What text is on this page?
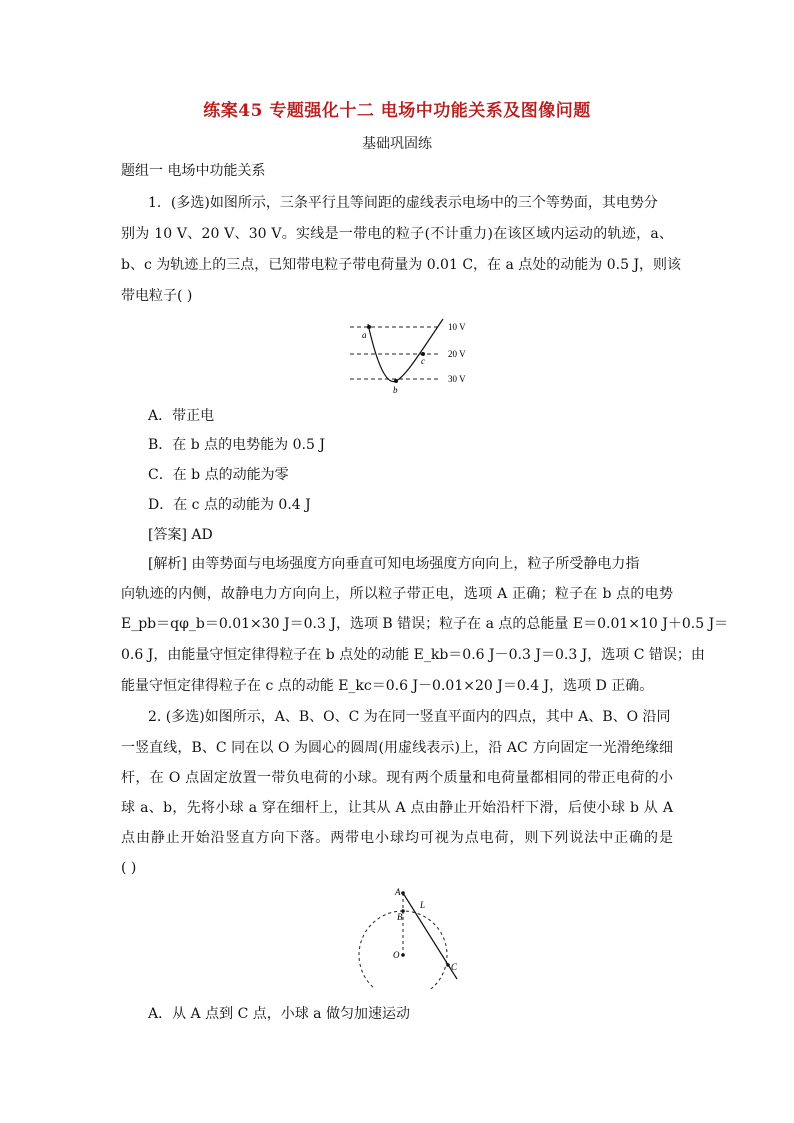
练案45 专题强化十二 电场中功能关系及图像问题
基础巩固练
题组一 电场中功能关系
1．(多选)如图所示，三条平行且等间距的虚线表示电场中的三个等势面，其电势分
别为 10 V、20 V、30 V。实线是一带电的粒子(不计重力)在该区域内运动的轨迹，a、
b、c 为轨迹上的三点，已知带电粒子带电荷量为 0.01 C，在 a 点处的动能为 0.5 J，则该
带电粒子( )
a
b
c
10 V
20 V
30 V
A．带正电
B．在 b 点的电势能为 0.5 J
C．在 b 点的动能为零
D．在 c 点的动能为 0.4 J
[答案] AD
[解析] 由等势面与电场强度方向垂直可知电场强度方向向上，粒子所受静电力指
向轨迹的内侧，故静电力方向向上，所以粒子带正电，选项 A 正确；粒子在 b 点的电势
E_pb＝qφ_b＝0.01×30 J＝0.3 J，选项 B 错误；粒子在 a 点的总能量 E＝0.01×10 J＋0.5 J＝
0.6 J，由能量守恒定律得粒子在 b 点处的动能 E_kb＝0.6 J－0.3 J＝0.3 J，选项 C 错误；由
能量守恒定律得粒子在 c 点的动能 E_kc＝0.6 J－0.01×20 J＝0.4 J，选项 D 正确。
2. (多选)如图所示，A、B、O、C 为在同一竖直平面内的四点，其中 A、B、O 沿同
一竖直线，B、C 同在以 O 为圆心的圆周(用虚线表示)上，沿 AC 方向固定一光滑绝缘细
杆，在 O 点固定放置一带负电荷的小球。现有两个质量和电荷量都相同的带正电荷的小
球 a、b，先将小球 a 穿在细杆上，让其从 A 点由静止开始沿杆下滑，后使小球 b 从 A
点由静止开始沿竖直方向下落。两带电小球均可视为点电荷，则下列说法中正确的是
( )
A
B
L
O
C
A．从 A 点到 C 点，小球 a 做匀加速运动
